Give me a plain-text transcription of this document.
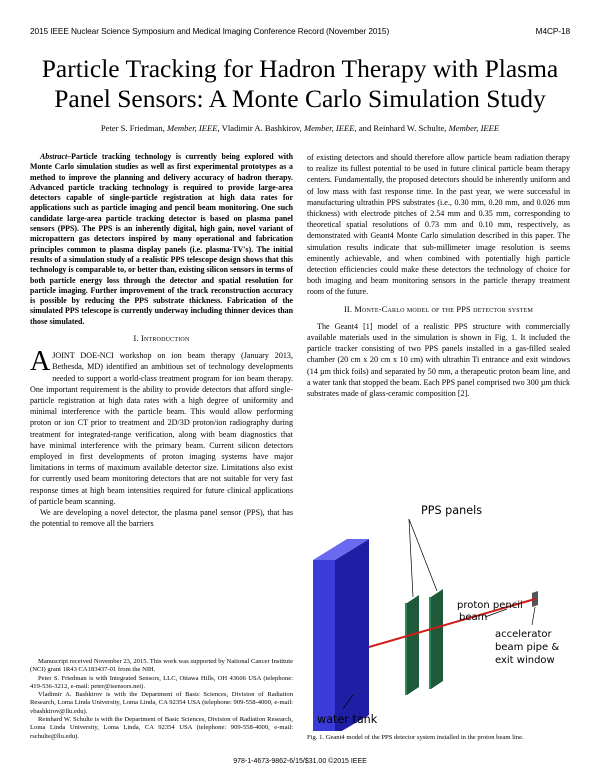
2015 IEEE Nuclear Science Symposium and Medical Imaging Conference Record (November 2015)	M4CP-18
Particle Tracking for Hadron Therapy with Plasma Panel Sensors: A Monte Carlo Simulation Study
Peter S. Friedman, Member, IEEE, Vladimir A. Bashkirov, Member, IEEE, and Reinhard W. Schulte, Member, IEEE

Abstract–Particle tracking technology is currently being explored with Monte Carlo simulation studies as well as first experimental prototypes as a method to improve the planning and delivery accuracy of hadron therapy. Advanced particle tracking technology is required to provide large-area detectors capable of single-particle registration at high data rates for applications such as particle imaging and pencil beam monitoring. One such candidate large-area particle tracking detector is based on plasma panel sensors (PPS). The PPS is an inherently digital, high gain, novel variant of micropattern gas detectors inspired by many operational and fabrication principles common to plasma display panels (i.e. plasma-TV's). The initial results of a simulation study of a realistic PPS telescope design shows that this technology is comparable to, or better than, existing silicon sensors in terms of both particle energy loss through the detector and spatial resolution for particle imaging. Further improvement of the track reconstruction accuracy is possible by reducing the PPS substrate thickness. Fabrication of the simulated PPS telescope is currently underway including thinner devices than those simulated.

I. Introduction

AJOINT DOE-NCI workshop on ion beam therapy (January 2013, Bethesda, MD) identified an ambitious set of technology developments needed to support a world-class treatment program for ion beam therapy. One important requirement is the ability to provide detectors that afford single-particle registration at high data rates with a high degree of uniformity and minimal interference with the particle beam. This would allow performing proton or ion CT prior to treatment and 2D/3D proton/ion radiography during treatment for integrated-range verification, along with beam diagnostics that have minimal interference with the primary beam. Current silicon detectors employed in first developments of proton imaging systems have major limitations in terms of maximum available detector size. Limitations also exist for currently used beam monitoring detectors that are not suitable for very fast response times at high beam intensities required for future clinical applications of particle beam scanning.

We are developing a novel detector, the plasma panel sensor (PPS), that has the potential to remove all the barriers

Manuscript received November 23, 2015. This work was supported by National Cancer Institute (NCI) grant 1R43 CA183437-01 from the NIH.

Peter S. Friedman is with Integrated Sensors, LLC, Ottawa Hills, OH 43606 USA (telephone: 419-536-3212, e-mail: peter@isensors.net).

Vladimir A. Bashkirov is with the Department of Basic Sciences, Division of Radiation Research, Loma Linda University, Loma Linda, CA 92354 USA (telephone: 909-558-4000, e-mail: vbashkirov@llu.edu).

Reinhard W. Schulte is with the Department of Basic Sciences, Division of Radiation Research, Loma Linda University, Loma Linda, CA 92354 USA (telephone: 909-558-4000, e-mail: rschulte@llu.edu).

of existing detectors and should therefore allow particle beam radiation therapy to realize its fullest potential to be used in future clinical particle beam therapy centers. Fundamentally, the proposed detectors should be inherently uniform and of low mass with fast response time. In the past year, we were successful in manufacturing ultrathin PPS substrates (i.e., 0.30 mm, 0.20 mm, and 0.026 mm thickness) with electrode pitches of 2.54 mm and 0.35 mm, corresponding to theoretical spatial resolutions of 0.73 mm and 0.10 mm, respectively, as demonstrated with Geant4 Monte Carlo simulation described in this paper. The simulation results indicate that sub-millimeter image resolution is seems eminently achievable, and when combined with potentially high particle detection efficiencies could make these detectors the technology of choice for both imaging and beam monitoring sensors in the particle therapy treatment room of the future.

II. Monte-Carlo model of the PPS detector system

The Geant4 [1] model of a realistic PPS structure with commercially available materials used in the simulation is shown in Fig. 1. It included the particle tracker consisting of two PPS panels installed in a gas-filled sealed chamber (20 cm x 20 cm x 10 cm) with ultrathin Ti entrance and exit windows (14 µm thick foils) and separated by 50 mm, a therapeutic proton beam line, and a water tank that stopped the beam. Each PPS panel comprised two 300 µm thick substrates made of glass-ceramic composition [2].

PPS panels
proton pencil
beam
accelerator
beam pipe &
exit window
water tank
Fig. 1. Geant4 model of the PPS detector system installed in the proton beam line.
978-1-4673-9862-6/15/$31.00 ©2015 IEEE
